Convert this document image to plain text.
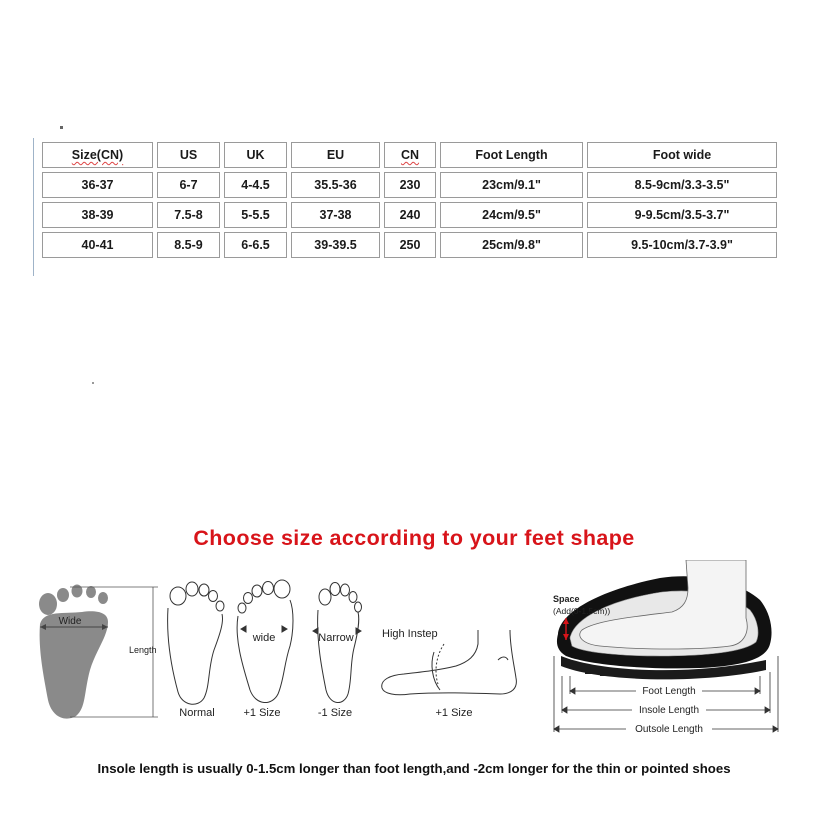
Size(CN)	US	UK	EU	CN	Foot Length	Foot wide
36-37	6-7	4-4.5	35.5-36	230	23cm/9.1"	8.5-9cm/3.3-3.5"
38-39	7.5-8	5-5.5	37-38	240	24cm/9.5"	9-9.5cm/3.5-3.7"
40-41	8.5-9	6-6.5	39-39.5	250	25cm/9.8"	9.5-10cm/3.7-3.9"
Choose size according to your feet shape
Wide
Length
Normal
wide
+1 Size
Narrow
-1 Size
High Instep
+1 Size
Space
(Add(0-1.5cm))
Foot Length
Insole Length
Outsole Length
Insole length is usually 0-1.5cm longer than foot length,and -2cm longer for the thin or pointed shoes
